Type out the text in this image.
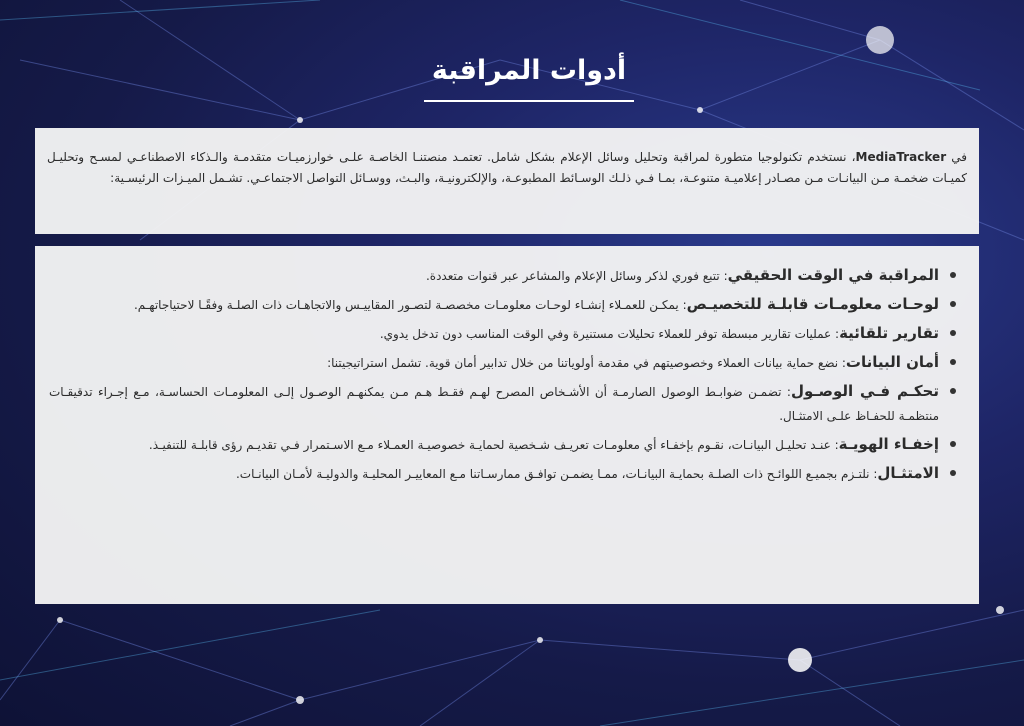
أدوات المراقبة

في MediaTracker، نستخدم تكنولوجيا متطورة لمراقبة وتحليل وسائل الإعلام بشكل شامل. تعتمـد منصتنـا الخاصـة علـى خوارزميـات متقدمـة والـذكاء الاصطناعـي لمسـح وتحليـل كميـات ضخمـة مـن البيانـات مـن مصـادر إعلاميـة متنوعـة، بمـا فـي ذلـك الوسـائط المطبوعـة، والإلكترونيـة، والبـث، ووسـائل التواصل الاجتماعـي. تشـمل الميـزات الرئيسـية:

المراقبة في الوقت الحقيقي: تتبع فوري لذكر وسائل الإعلام والمشاعر عبر قنوات متعددة.
لوحـات معلومـات قابلـة للتخصيـص: يمكـن للعمـلاء إنشـاء لوحـات معلومـات مخصصـة لتصـور المقاييـس والاتجاهـات ذات الصلـة وفقًـا لاحتياجاتهـم.
تقارير تلقائية: عمليات تقارير مبسطة توفر للعملاء تحليلات مستنيرة وفي الوقت المناسب دون تدخل يدوي.
أمان البيانات: نضع حماية بيانات العملاء وخصوصيتهم في مقدمة أولوياتنا من خلال تدابير أمان قوية. تشمل استراتيجيتنا:
تحكـم فـي الوصـول: تضمـن ضوابـط الوصول الصارمـة أن الأشـخاص المصرح لهـم فقـط هـم مـن يمكنهـم الوصـول إلـى المعلومـات الحساسـة، مـع إجـراء تدقيقـات منتظمـة للحفـاظ علـى الامتثـال.
إخفـاء الهويـة: عنـد تحليـل البيانـات، نقـوم بإخفـاء أي معلومـات تعريـف شـخصية لحمايـة خصوصيـة العمـلاء مـع الاسـتمرار فـي تقديـم رؤى قابلـة للتنفيـذ.
الامتثـال: نلتـزم بجميـع اللوائـح ذات الصلـة بحمايـة البيانـات، ممـا يضمـن توافـق ممارسـاتنا مـع المعاييـر المحليـة والدوليـة لأمـان البيانـات.
